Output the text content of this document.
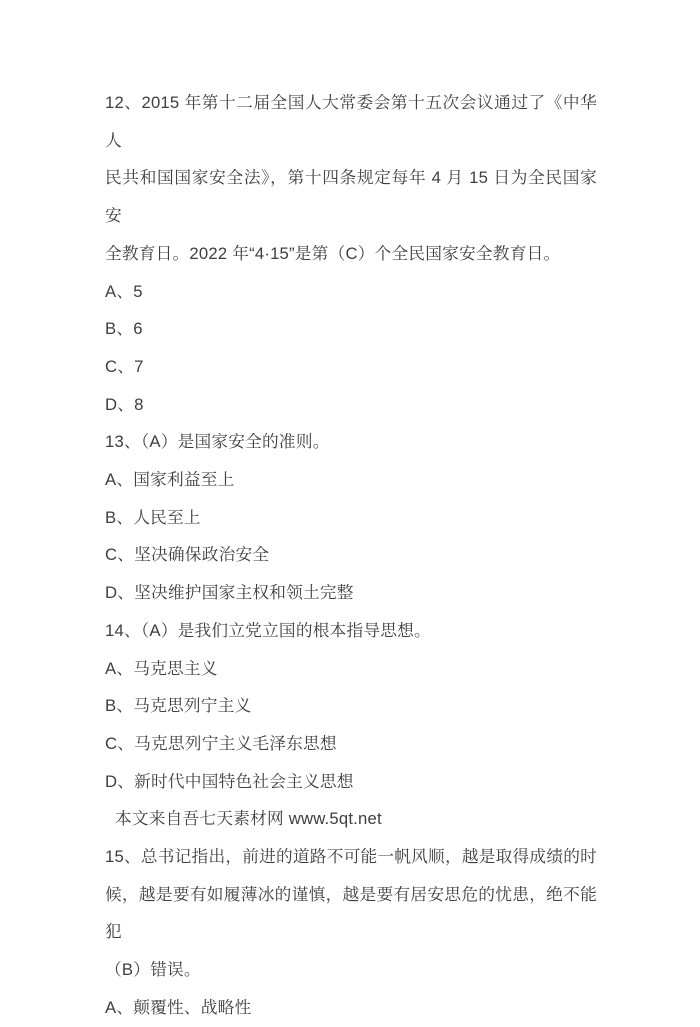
12、2015 年第十二届全国人大常委会第十五次会议通过了《中华人
民共和国国家安全法》，第十四条规定每年 4 月 15 日为全民国家安
全教育日。2022 年“4·15”是第（C）个全民国家安全教育日。
A、5
B、6
C、7
D、8
13、（A）是国家安全的准则。
A、国家利益至上
B、人民至上
C、坚决确保政治安全
D、坚决维护国家主权和领土完整
14、（A）是我们立党立国的根本指导思想。
A、马克思主义
B、马克思列宁主义
C、马克思列宁主义毛泽东思想
D、新时代中国特色社会主义思想
本文来自吾七天素材网 www.5qt.net
15、总书记指出，前进的道路不可能一帆风顺，越是取得成绩的时
候，越是要有如履薄冰的谨慎，越是要有居安思危的忧患，绝不能犯
（B）错误。
A、颠覆性、战略性
